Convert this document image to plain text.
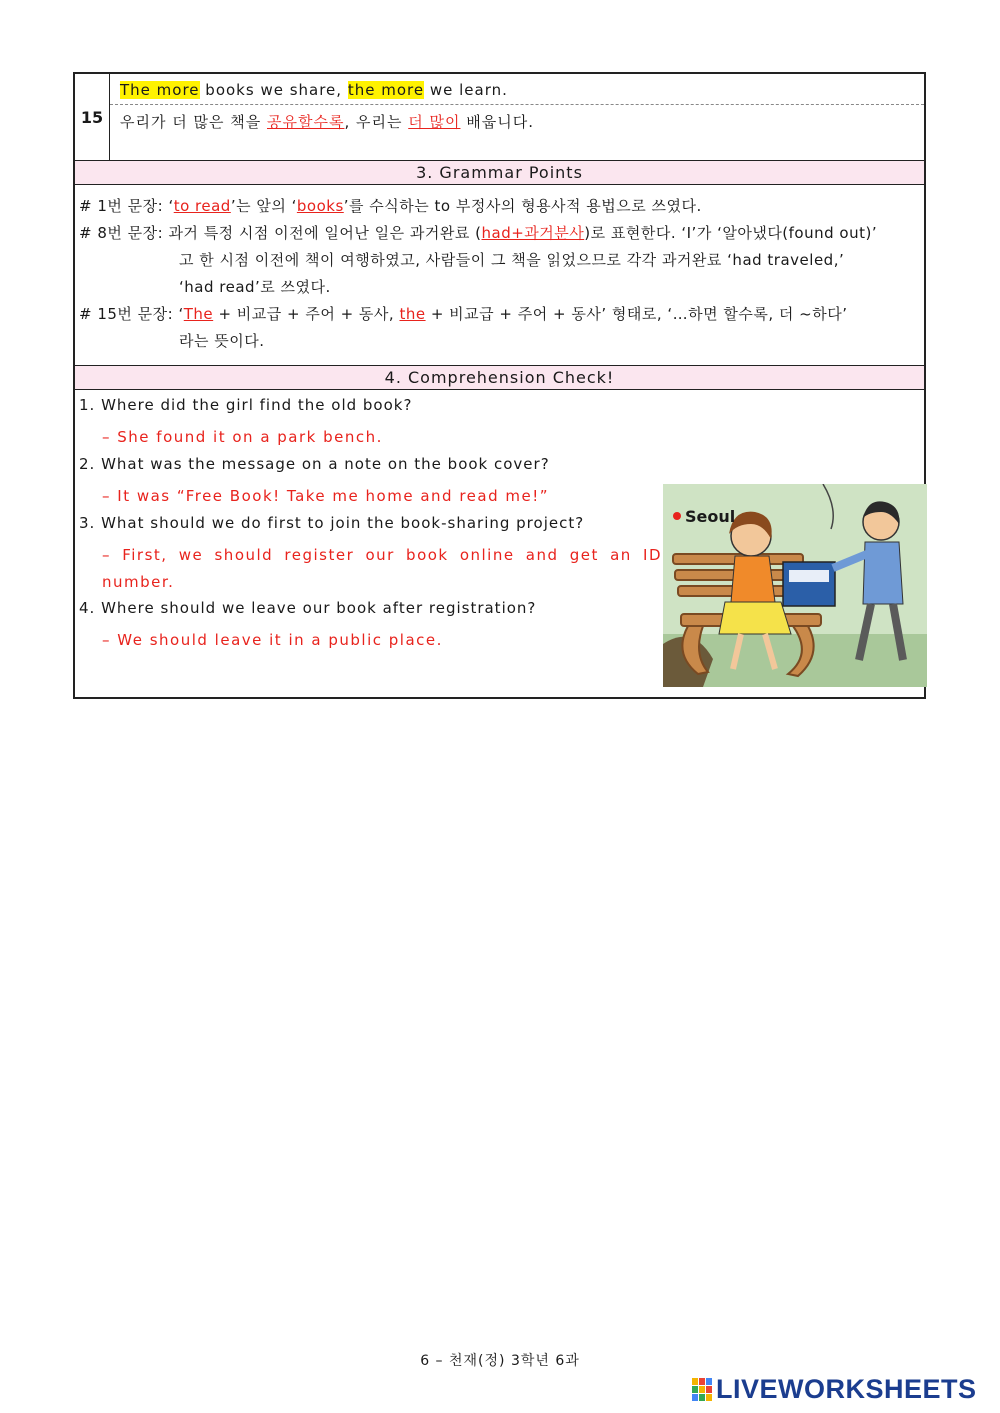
15
The more books we share, the more we learn.
우리가 더 많은 책을 공유할수록, 우리는 더 많이 배웁니다.
3. Grammar Points
# 1번 문장: ‘to read’는 앞의 ‘books’를 수식하는 to 부정사의 형용사적 용법으로 쓰였다.
# 8번 문장: 과거 특정 시점 이전에 일어난 일은 과거완료 (had+과거분사)로 표현한다. ‘I’가 ‘알아냈다(found out)’
고 한 시점 이전에 책이 여행하였고, 사람들이 그 책을 읽었으므로 각각 과거완료 ‘had traveled,’
‘had read’로 쓰였다.
# 15번 문장: ‘The + 비교급 + 주어 + 동사, the + 비교급 + 주어 + 동사’ 형태로, ‘…하면 할수록, 더 ~하다’
라는 뜻이다.
4. Comprehension Check!
1. Where did the girl find the old book?
– She found it on a park bench.
2. What was the message on a note on the book cover?
– It was “Free Book! Take me home and read me!”
3. What should we do first to join the book-sharing project?
– First, we should register our book online and get an ID
number.
4. Where should we leave our book after registration?
– We should leave it in a public place.
Seoul
6 – 천재(정) 3학년 6과
LIVEWORKSHEETS
